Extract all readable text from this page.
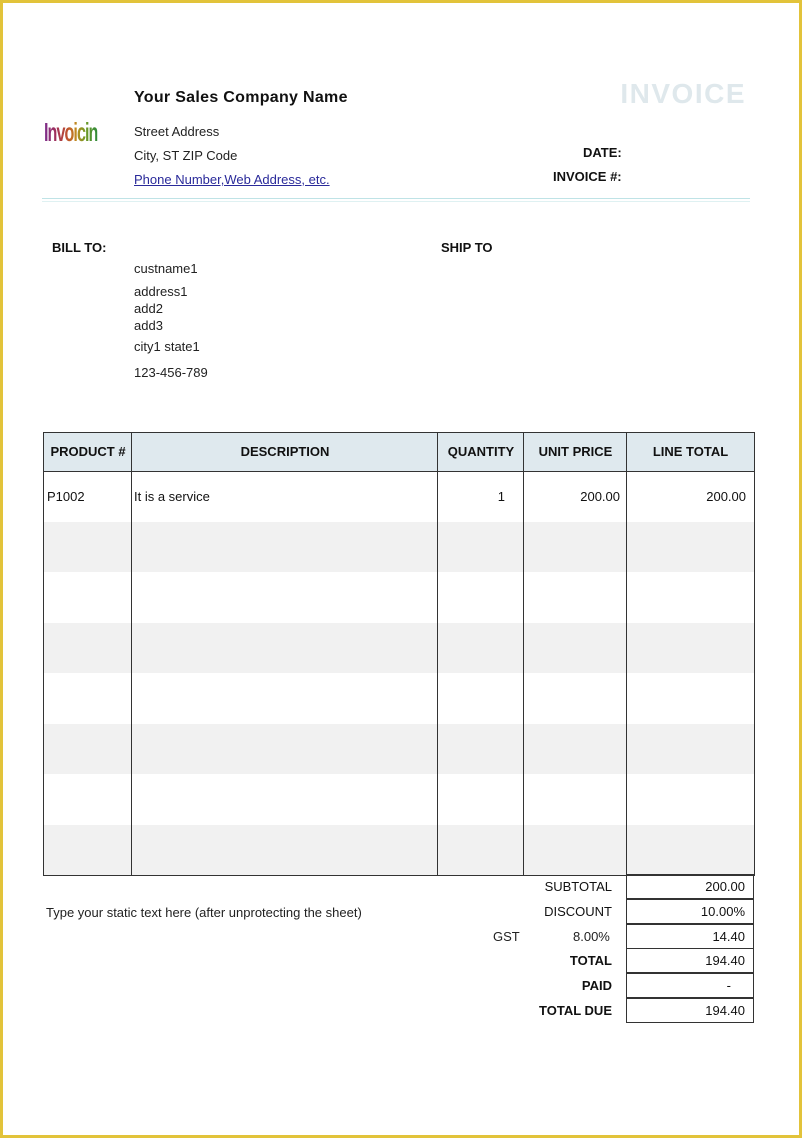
InvoicingForm
Your Sales Company Name
Street Address
City, ST ZIP Code
Phone Number,Web Address, etc.
INVOICE
DATE:
INVOICE #:
BILL TO:
custname1
address1
add2
add3
city1 state1
123-456-789
SHIP TO
PRODUCT #	DESCRIPTION	QUANTITY	UNIT PRICE	LINE TOTAL
P1002	It is a service	1	200.00	200.00
Type your static text here (after unprotecting the sheet)
SUBTOTAL	200.00
DISCOUNT	10.00%
GST	8.00%	14.40
TOTAL	194.40
PAID	-
TOTAL DUE	194.40
